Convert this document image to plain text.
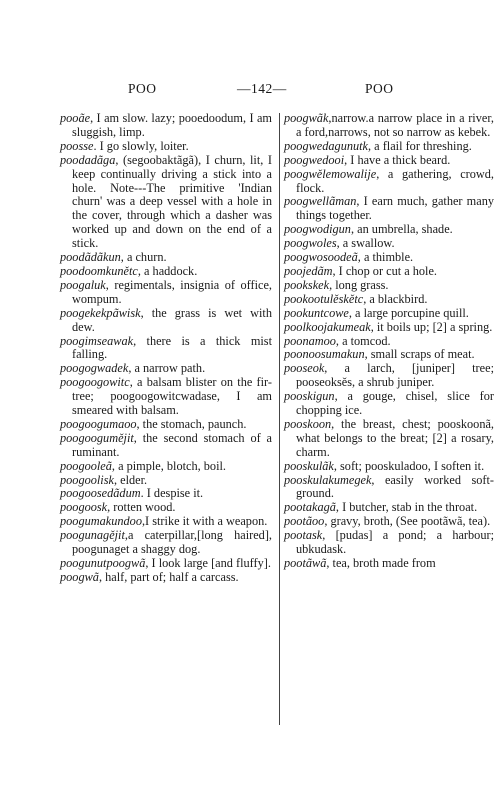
POO	—142—	POO

pooãe, I am slow. lazy; pooedoodum, I am sluggish, limp.

poosse. I go slowly, loiter.

poodadãga, (segoobaktãgã), I churn, lit, I keep continually driving a stick into a hole. Note---The primitive 'Indian churn' was a deep vessel with a hole in the cover, through which a dasher was worked up and down on the end of a stick.

poodãdãkun, a churn.

poodoomkunětc, a haddock.

poogaluk, regimentals, insignia of office, wompum.

poogekekpãwisk, the grass is wet with dew.

poogimseawak, there is a thick mist falling.

poogogwadek, a narrow path.

poogoogowitc, a balsam blister on the fir-tree; poogoogowitcwadase, I am smeared with balsam.

poogoogumaoo, the stomach, paunch.

poogoogumějit, the second stomach of a ruminant.

poogooleã, a pimple, blotch, boil.

poogoolisk, elder.

poogoosedãdum. I despise it.

poogoosk, rotten wood.

poogumakundoo,I strike it with a weapon.

poogunagějit,a caterpillar,[long haired], poogunaget a shaggy dog.

poogunutpoogwã, I look large [and fluffy].

poogwã, half, part of; half a carcass.

poogwãk,narrow.a narrow place in a river, a ford,narrows, not so narrow as kebek.

poogwedagunutk, a flail for threshing.

poogwedooi, I have a thick beard.

poogwělemowalije, a gathering, crowd, flock.

poogwellãman, I earn much, gather many things together.

poogwodigun, an umbrella, shade.

poogwoles, a swallow.

poogwosoodeã, a thimble.

poojedãm, I chop or cut a hole.

pookskek, long grass.

pookootulěskětc, a blackbird.

pookuntcowe, a large porcupine quill.

poolkoojakumeak, it boils up; [2] a spring.

poonamoo, a tomcod.

poonoosumakun, small scraps of meat.

pooseok, a larch, [juniper] tree; pooseoksěs, a shrub juniper.

pooskigun, a gouge, chisel, slice for chopping ice.

pooskoon, the breast, chest; pooskoonã, what belongs to the breat; [2] a rosary, charm.

pooskulãk, soft; pooskuladoo, I soften it.

pooskulakumegek, easily worked soft-ground.

pootakagã, I butcher, stab in the throat.

pootãoo, gravy, broth, (See pootãwã, tea).

pootask, [pudas] a pond; a harbour; ubkudask.

pootãwã, tea, broth made from
